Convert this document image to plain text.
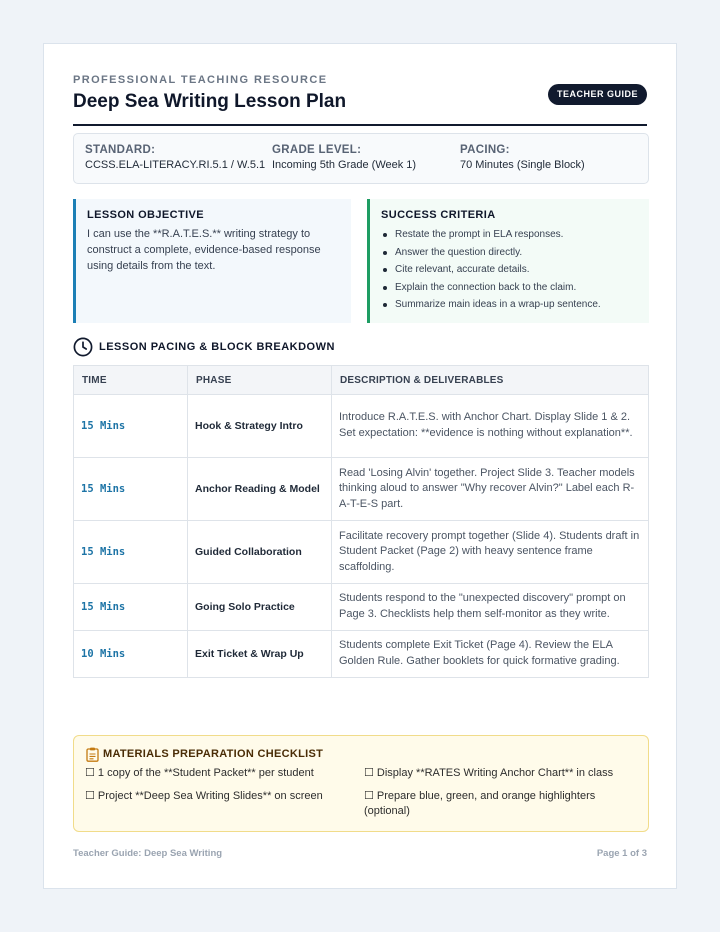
PROFESSIONAL TEACHING RESOURCE
Deep Sea Writing Lesson Plan	TEACHER GUIDE
STANDARD:
CCSS.ELA-LITERACY.RI.5.1 / W.5.1
GRADE LEVEL:
Incoming 5th Grade (Week 1)
PACING:
70 Minutes (Single Block)
LESSON OBJECTIVE
I can use the **R.A.T.E.S.** writing strategy to construct a complete, evidence-based response using details from the text.
SUCCESS CRITERIA
Restate the prompt in ELA responses.
Answer the question directly.
Cite relevant, accurate details.
Explain the connection back to the claim.
Summarize main ideas in a wrap-up sentence.
LESSON PACING & BLOCK BREAKDOWN
TIME	PHASE	DESCRIPTION & DELIVERABLES
15 Mins	Hook & Strategy Intro	Introduce R.A.T.E.S. with Anchor Chart. Display Slide 1 & 2. Set expectation: **evidence is nothing without explanation**.
15 Mins	Anchor Reading & Model	Read 'Losing Alvin' together. Project Slide 3. Teacher models thinking aloud to answer "Why recover Alvin?" Label each R-A-T-E-S part.
15 Mins	Guided Collaboration	Facilitate recovery prompt together (Slide 4). Students draft in Student Packet (Page 2) with heavy sentence frame scaffolding.
15 Mins	Going Solo Practice	Students respond to the "unexpected discovery" prompt on Page 3. Checklists help them self-monitor as they write.
10 Mins	Exit Ticket & Wrap Up	Students complete Exit Ticket (Page 4). Review the ELA Golden Rule. Gather booklets for quick formative grading.
MATERIALS PREPARATION CHECKLIST
☐ 1 copy of the **Student Packet** per student	☐ Display **RATES Writing Anchor Chart** in class
☐ Project **Deep Sea Writing Slides** on screen	☐ Prepare blue, green, and orange highlighters (optional)
Teacher Guide: Deep Sea Writing	Page 1 of 3
